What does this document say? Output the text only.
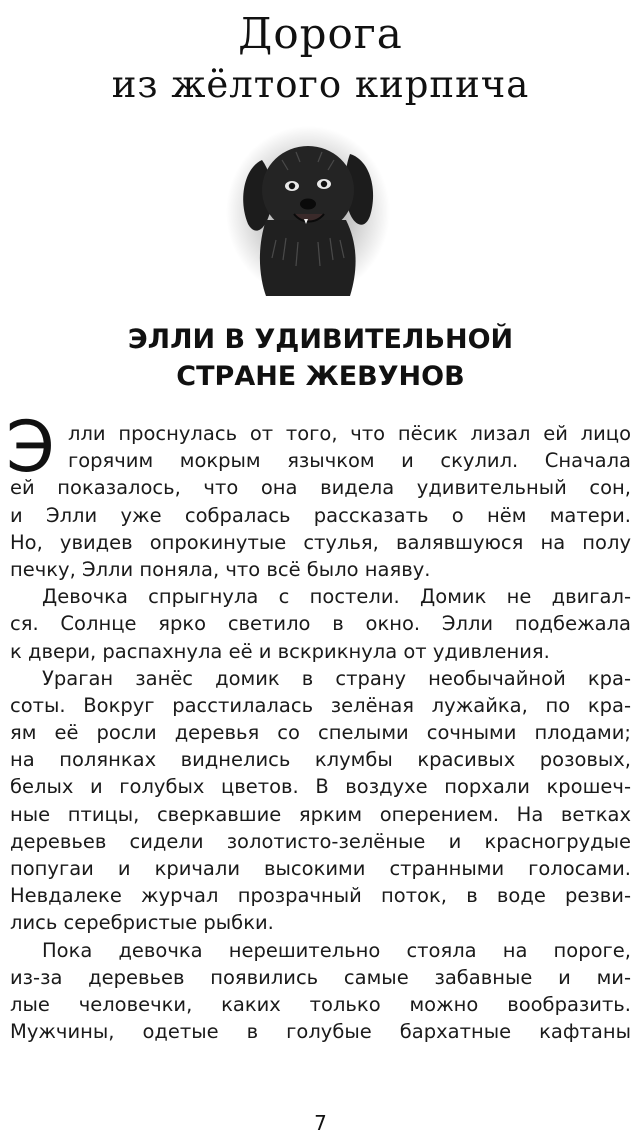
Дорога
из жёлтого кирпича
ЭЛЛИ В УДИВИТЕЛЬНОЙ
СТРАНЕ ЖЕВУНОВ
Э лли проснулась от того, что пёсик лизал ей лицо
горячим мокрым язычком и скулил. Сначала
ей показалось, что она видела удивительный сон,
и Элли уже собралась рассказать о нём матери.
Но, увидев опрокинутые стулья, валявшуюся на полу
печку, Элли поняла, что всё было наяву.
Девочка спрыгнула с постели. Домик не двигал-
ся. Солнце ярко светило в окно. Элли подбежала
к двери, распахнула её и вскрикнула от удивления.
Ураган занёс домик в страну необычайной кра-
соты. Вокруг расстилалась зелёная лужайка, по кра-
ям её росли деревья со спелыми сочными плодами;
на полянках виднелись клумбы красивых розовых,
белых и голубых цветов. В воздухе порхали крошеч-
ные птицы, сверкавшие ярким оперением. На ветках
деревьев сидели золотисто-зелёные и красногрудые
попугаи и кричали высокими странными голосами.
Невдалеке журчал прозрачный поток, в воде резви-
лись серебристые рыбки.
Пока девочка нерешительно стояла на пороге,
из-за деревьев появились самые забавные и ми-
лые человечки, каких только можно вообразить.
Мужчины, одетые в голубые бархатные кафтаны
7
